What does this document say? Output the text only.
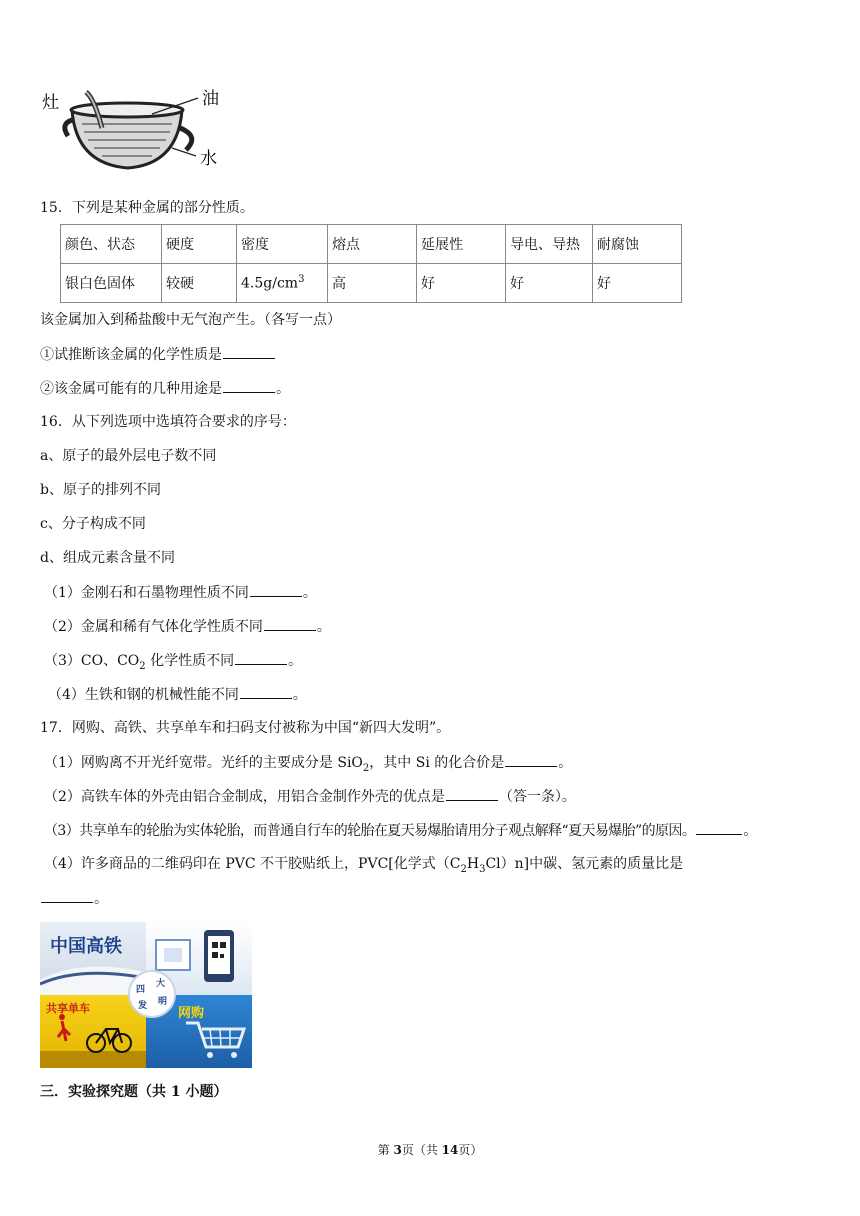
灶	油
水
15．下列是某种金属的部分性质。
颜色、状态	硬度	密度	熔点	延展性	导电、导热	耐腐蚀
银白色固体	较硬	$4.5g/cm^3$	高	好	好	好
该金属加入到稀盐酸中无气泡产生。（各写一点）
①试推断该金属的化学性质是
②该金属可能有的几种用途是	。
16．从下列选项中选填符合要求的序号：
a、原子的最外层电子数不同
b、原子的排列不同
c、分子构成不同
d、组成元素含量不同
（1）金刚石和石墨物理性质不同	。
（2）金属和稀有气体化学性质不同	。
（3）CO、$CO_2$ 化学性质不同	。
（4）生铁和钢的机械性能不同	。
17．网购、高铁、共享单车和扫码支付被称为中国“新四大发明”。
（1）网购离不开光纤宽带。光纤的主要成分是 SiO$_2$，其中 Si 的化合价是	。
（2）高铁车体的外壳由铝合金制成，用铝合金制作外壳的优点是	（答一条）。
（3）共享单车的轮胎为实体轮胎，而普通自行车的轮胎在夏天易爆胎请用分子观点解释“夏天易爆胎”的原因。	。
（4）许多商品的二维码印在 PVC 不干胶贴纸上，PVC[化学式$(C_2H_3Cl)n$]中碳、氢元素的质量比是
。
中国高铁
共享单车	网购
四
大
发 明
三．实验探究题（共 1 小题）
第 3页（共 14页）
